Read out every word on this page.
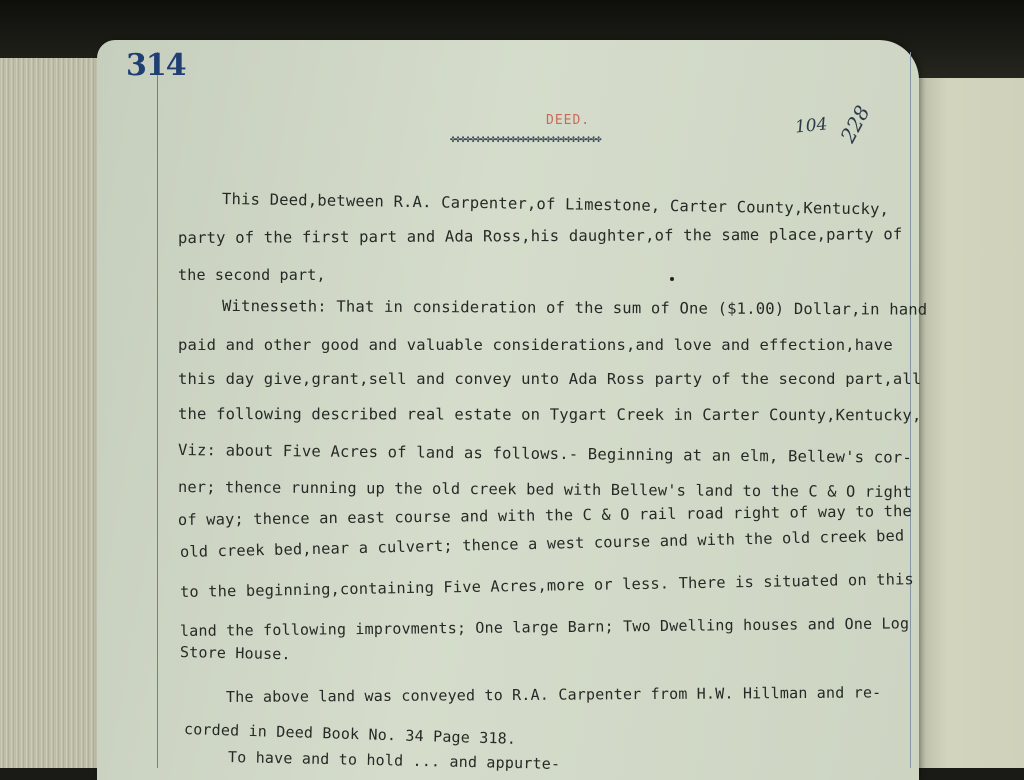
314
DEED.
✤✤✤✤✤✤✤✤✤✤✤✤✤✤✤✤✤✤✤✤✤✤✤✤✤✤✤✤✤✤
104 228
This Deed,between R.A. Carpenter,of Limestone, Carter County,Kentucky,
party of the first part and Ada Ross,his daughter,of the same place,party of
the second part,
Witnesseth: That in consideration of the sum of One ($1.00) Dollar,in hand
paid and other good and valuable considerations,and love and effection,have
this day give,grant,sell and convey unto Ada Ross party of the second part,all
the following described real estate on Tygart Creek in Carter County,Kentucky,
Viz: about Five Acres of land as follows.- Beginning at an elm, Bellew's cor-
ner; thence running up the old creek bed with Bellew's land to the C & O right
of way; thence an east course and with the C & O rail road right of way to the
old creek bed,near a culvert; thence a west course and with the old creek bed
to the beginning,containing Five Acres,more or less. There is situated on this
land the following improvments; One large Barn; Two Dwelling houses and One Log
Store House.
The above land was conveyed to R.A. Carpenter from H.W. Hillman and re-
corded in Deed Book No. 34 Page 318.
To have and to hold ... and appurte-
